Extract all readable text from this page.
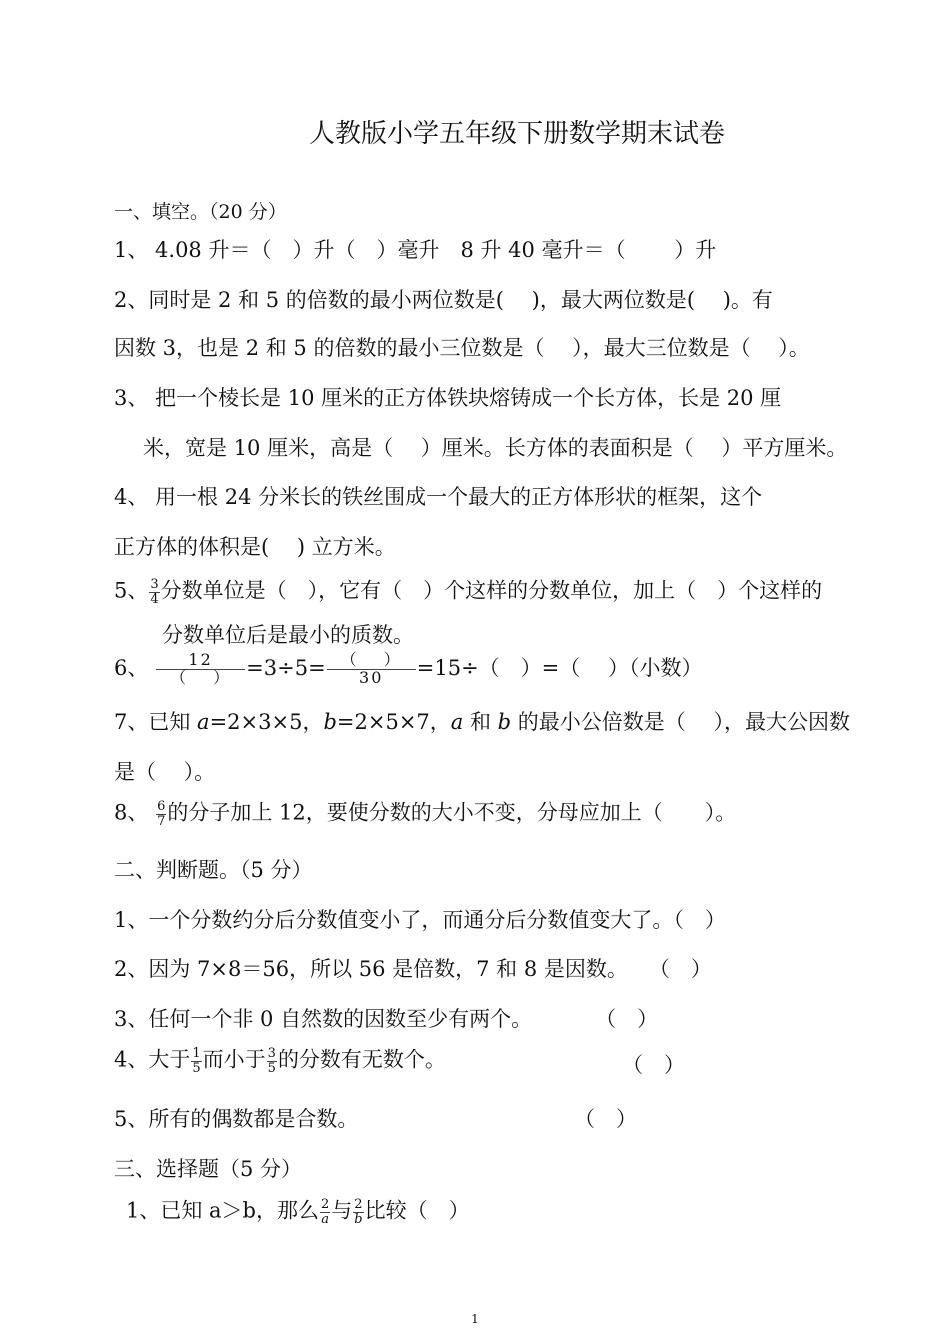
人教版小学五年级下册数学期末试卷
一、填空。（20 分）
1、 4.08 升＝（　）升（　）毫升　8 升 40 毫升＝（　　 ）升
2、同时是 2 和 5 的倍数的最小两位数是(　 )，最大两位数是(　 )。有
因数 3，也是 2 和 5 的倍数的最小三位数是（　 ），最大三位数是（　 ）。
3、 把一个棱长是 10 厘米的正方体铁块熔铸成一个长方体，长是 20 厘
米，宽是 10 厘米，高是（　 ）厘米。长方体的表面积是（　 ）平方厘米。
4、 用一根 24 分米长的铁丝围成一个最大的正方体形状的框架，这个
正方体的体积是(　 ) 立方米。
5、 $\frac{3}{4}$ 分数单位是（　），它有（　）个这样的分数单位，加上（　）个这样的
分数单位后是最小的质数。
6、 $\frac{12}{( )} =3\div 5= \frac{( )}{30} =15\div$（　）=（　 ）（小数）
7、已知 a=2×3×5，b=2×5×7，a 和 b 的最小公倍数是（　 ），最大公因数
是（　 ）。
8、 $\frac{6}{7}$ 的分子加上 12，要使分数的大小不变，分母应加上（　　）。
二、判断题。（5 分）
1、一个分数约分后分数值变小了，而通分后分数值变大了。（　）
2、因为 7×8＝56，所以 56 是倍数，7 和 8 是因数。　　（　）
3、任何一个非 0 自然数的因数至少有两个。　　　　（　）
4、大于 $\frac{1}{5}$ 而小于 $\frac{3}{5}$ 的分数有无数个。	（　）
5、所有的偶数都是合数。	（　）
三、选择题（5 分）
1、已知 a＞b，那么 $\frac{2}{a}$ 与 $\frac{2}{b}$ 比较（　）
1
